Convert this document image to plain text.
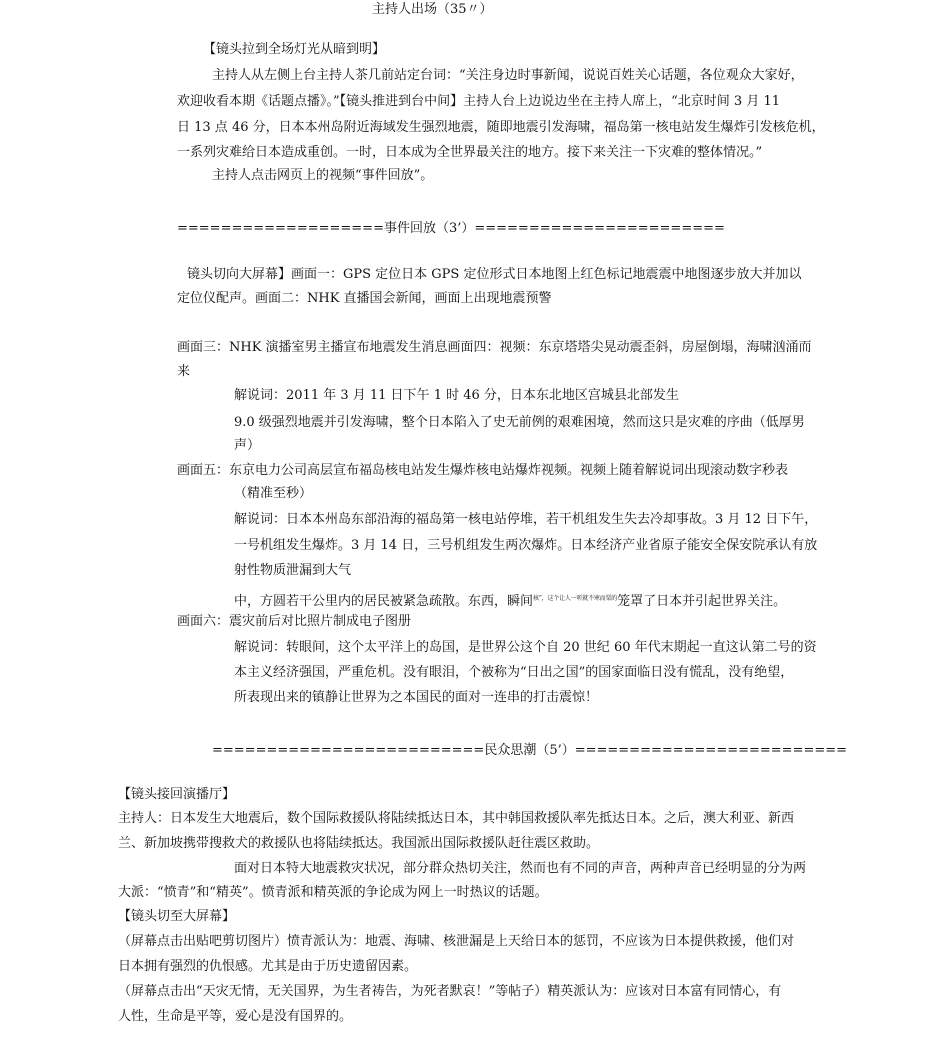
主持人出场（35〃）
【镜头拉到全场灯光从暗到明】
主持人从左侧上台主持人茶几前站定台词：“关注身边时事新闻，说说百姓关心话题，各位观众大家好，
欢迎收看本期《话题点播》。”【镜头推进到台中间】主持人台上边说边坐在主持人席上，“北京时间 3 月 11
日 13 点 46 分，日本本州岛附近海域发生强烈地震，随即地震引发海啸，福岛第一核电站发生爆炸引发核危机，
一系列灾难给日本造成重创。一时，日本成为全世界最关注的地方。接下来关注一下灾难的整体情况。”
主持人点击网页上的视频“事件回放”。
===================事件回放（3’）=======================
镜头切向大屏幕】画面一：GPS 定位日本 GPS 定位形式日本地图上红色标记地震震中地图逐步放大并加以
定位仪配声。画面二：NHK 直播国会新闻，画面上出现地震预警
画面三：NHK 演播室男主播宣布地震发生消息画面四：视频：东京塔塔尖晃动震歪斜，房屋倒塌，海啸汹涌而
来
解说词：2011 年 3 月 11 日下午 1 时 46 分，日本东北地区宫城县北部发生
9.0 级强烈地震并引发海啸，整个日本陷入了史无前例的艰难困境，然而这只是灾难的序曲（低厚男
声）
画面五：东京电力公司高层宣布福岛核电站发生爆炸核电站爆炸视频。视频上随着解说词出现滚动数字秒表
（精准至秒）
解说词：日本本州岛东部沿海的福岛第一核电站停堆，若干机组发生失去冷却事故。3 月 12 日下午，
一号机组发生爆炸。3 月 14 日，三号机组发生两次爆炸。日本经济产业省原子能安全保安院承认有放
射性物质泄漏到大气
中，方圆若干公里内的居民被紧急疏散。东西，瞬间$^{核”,这个让人一听就不寒而栗的}$笼罩了日本并引起世界关注。
画面六：震灾前后对比照片制成电子图册
解说词：转眼间，这个太平洋上的岛国，是世界公这个自 20 世纪 60 年代末期起一直这认第二号的资
本主义经济强国，严重危机。没有眼泪，个被称为“日出之国”的国家面临日没有慌乱，没有绝望，
所表现出来的镇静让世界为之本国民的面对一连串的打击震惊！
=========================民众思潮（5’）=========================
【镜头接回演播厅】
主持人：日本发生大地震后，数个国际救援队将陆续抵达日本，其中韩国救援队率先抵达日本。之后，澳大利亚、新西
兰、新加坡携带搜救犬的救援队也将陆续抵达。我国派出国际救援队赶往震区救助。
面对日本特大地震救灾状况，部分群众热切关注，然而也有不同的声音，两种声音已经明显的分为两
大派：“愤青”和“精英”。愤青派和精英派的争论成为网上一时热议的话题。
【镜头切至大屏幕】
（屏幕点击出贴吧剪切图片）愤青派认为：地震、海啸、核泄漏是上天给日本的惩罚，不应该为日本提供救援，他们对
日本拥有强烈的仇恨感。尤其是由于历史遗留因素。
（屏幕点击出“天灾无情，无关国界，为生者祷告，为死者默哀！”等帖子）精英派认为：应该对日本富有同情心，有
人性，生命是平等，爱心是没有国界的。
